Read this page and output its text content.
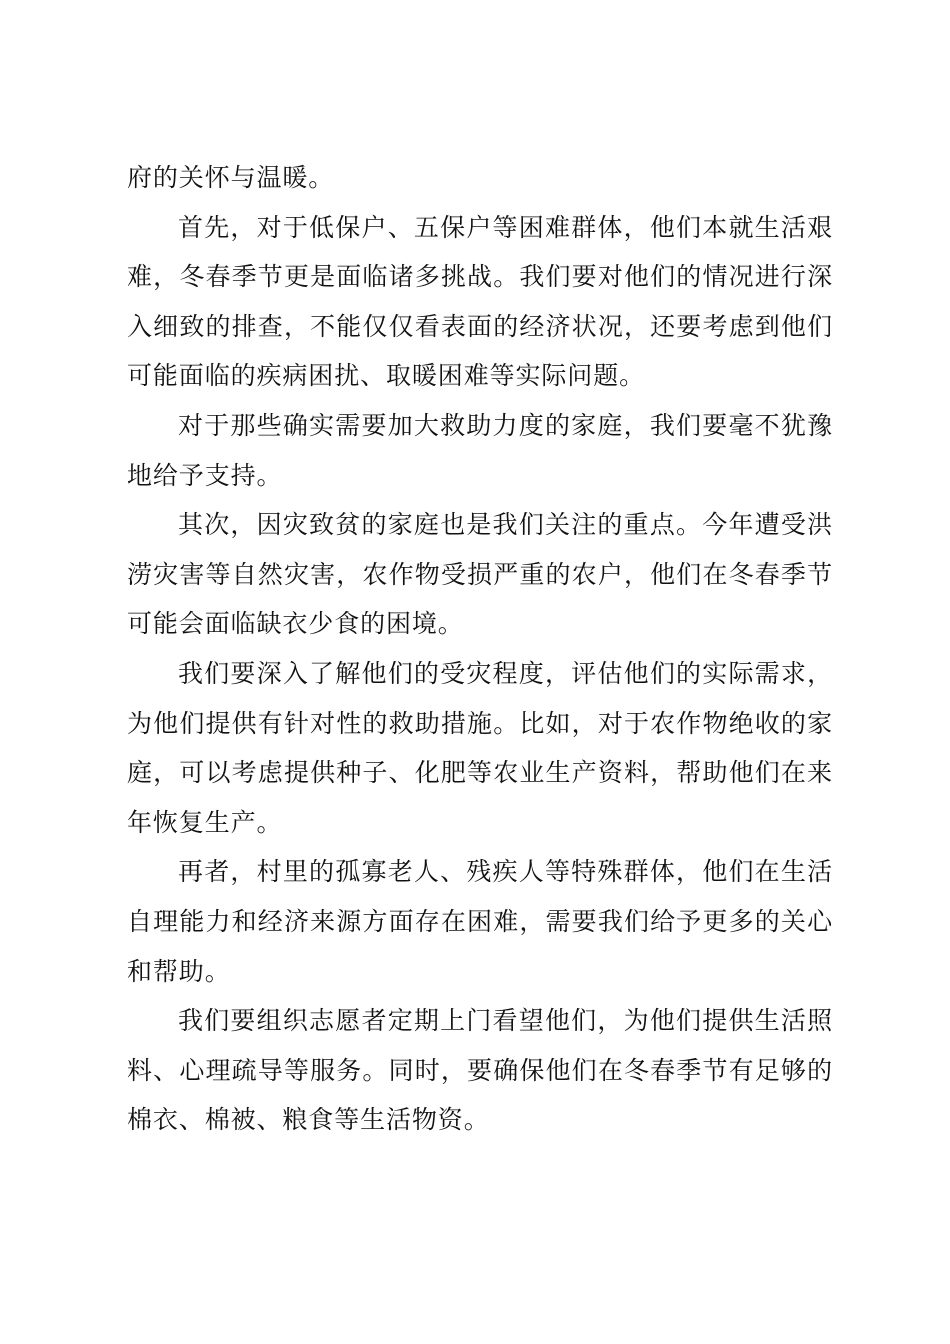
府的关怀与温暖。

首先，对于低保户、五保户等困难群体，他们本就生活艰难，冬春季节更是面临诸多挑战。我们要对他们的情况进行深入细致的排查，不能仅仅看表面的经济状况，还要考虑到他们可能面临的疾病困扰、取暖困难等实际问题。

对于那些确实需要加大救助力度的家庭，我们要毫不犹豫地给予支持。

其次，因灾致贫的家庭也是我们关注的重点。今年遭受洪涝灾害等自然灾害，农作物受损严重的农户，他们在冬春季节可能会面临缺衣少食的困境。

我们要深入了解他们的受灾程度，评估他们的实际需求，为他们提供有针对性的救助措施。比如，对于农作物绝收的家庭，可以考虑提供种子、化肥等农业生产资料，帮助他们在来年恢复生产。

再者，村里的孤寡老人、残疾人等特殊群体，他们在生活自理能力和经济来源方面存在困难，需要我们给予更多的关心和帮助。

我们要组织志愿者定期上门看望他们，为他们提供生活照料、心理疏导等服务。同时，要确保他们在冬春季节有足够的棉衣、棉被、粮食等生活物资。
